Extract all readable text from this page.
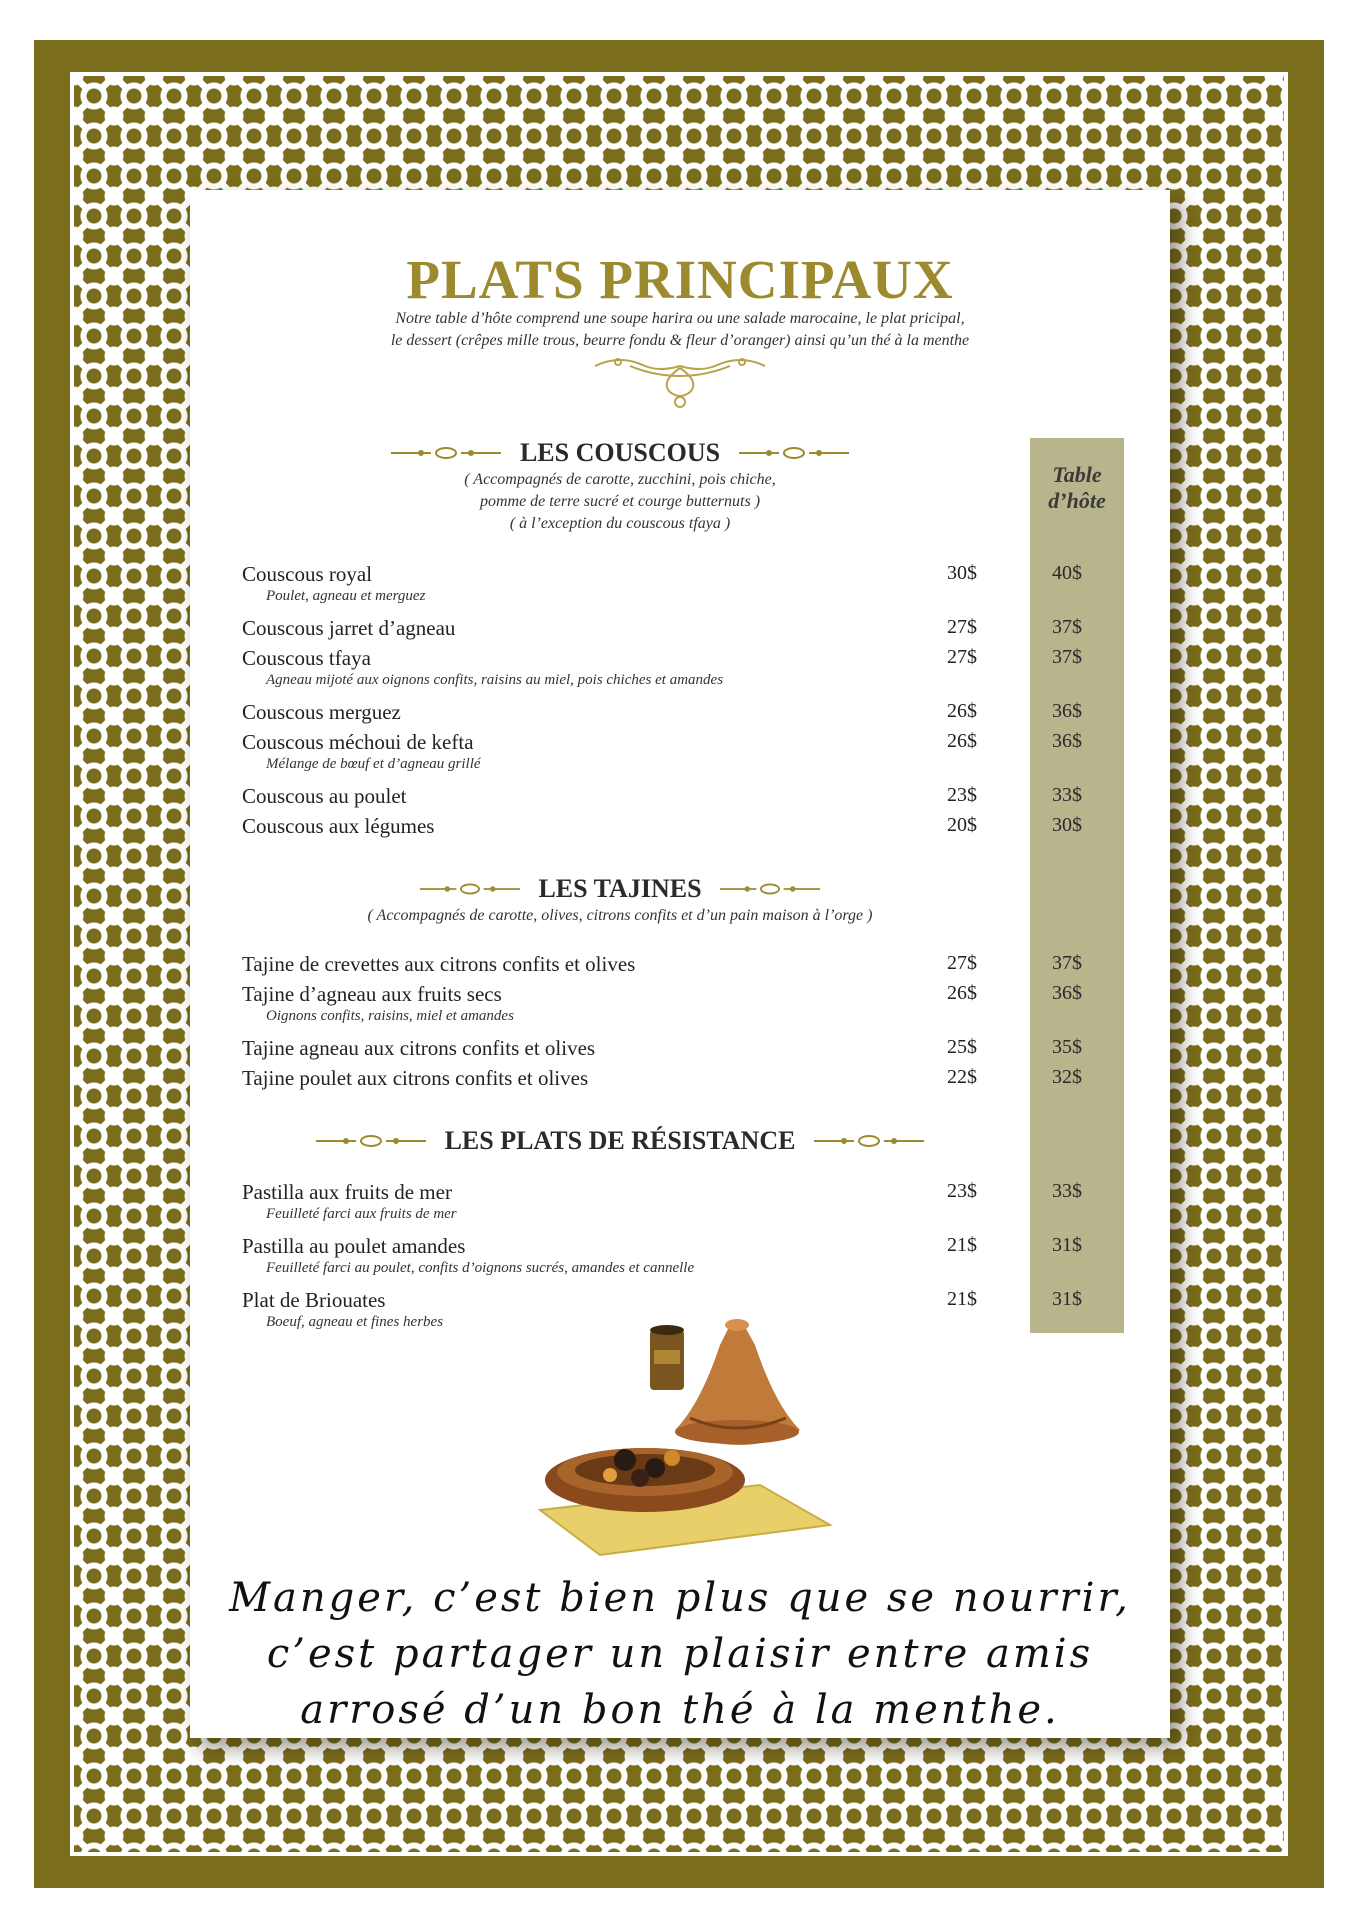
PLATS PRINCIPAUX
Notre table d’hôte comprend une soupe harira ou une salade marocaine, le plat pricipal,
le dessert (crêpes mille trous, beurre fondu & fleur d’oranger) ainsi qu’un thé à la menthe
Table
d’hôte
LES COUSCOUS
( Accompagnés de carotte, zucchini, pois chiche,
pomme de terre sucré et courge butternuts )
( à l’exception du couscous tfaya )
Couscous royal
Poulet, agneau et merguez
30$	40$
Couscous jarret d’agneau	27$	37$
Couscous tfaya
Agneau mijoté aux oignons confits, raisins au miel, pois chiches et amandes
27$	37$
Couscous merguez	26$	36$
Couscous méchoui de kefta
Mélange de bœuf et d’agneau grillé
26$	36$
Couscous au poulet	23$	33$
Couscous aux légumes	20$	30$
LES TAJINES
( Accompagnés de carotte, olives, citrons confits et d’un pain maison à l’orge )
Tajine de crevettes aux citrons confits et olives	27$	37$
Tajine d’agneau aux fruits secs
Oignons confits, raisins, miel et amandes
26$	36$
Tajine agneau aux citrons confits et olives	25$	35$
Tajine poulet aux citrons confits et olives	22$	32$
LES PLATS DE RÉSISTANCE
Pastilla aux fruits de mer
Feuilleté farci aux fruits de mer
23$	33$
Pastilla au poulet amandes
Feuilleté farci au poulet, confits d’oignons sucrés, amandes et cannelle
21$	31$
Plat de Briouates
Boeuf, agneau et fines herbes
21$	31$
Manger, c’est bien plus que se nourrir,
c’est partager un plaisir entre amis
arrosé d’un bon thé à la menthe.
